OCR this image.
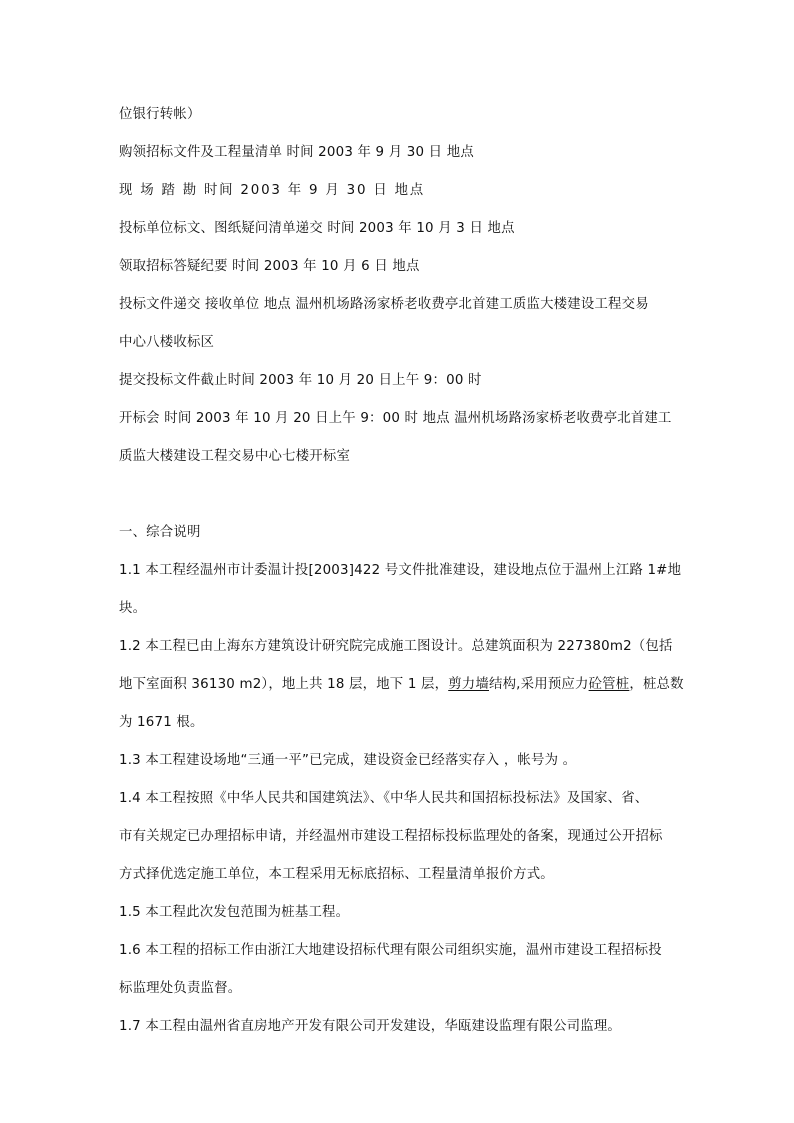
位银行转帐）
购领招标文件及工程量清单 时间 2003 年 9 月 30 日 地点
现 场 踏 勘 时间 2003 年 9 月 30 日 地点
投标单位标文、图纸疑问清单递交 时间 2003 年 10 月 3 日 地点
领取招标答疑纪要 时间 2003 年 10 月 6 日 地点
投标文件递交 接收单位 地点 温州机场路汤家桥老收费亭北首建工质监大楼建设工程交易
中心八楼收标区
提交投标文件截止时间 2003 年 10 月 20 日上午 9：00 时
开标会 时间 2003 年 10 月 20 日上午 9：00 时 地点 温州机场路汤家桥老收费亭北首建工
质监大楼建设工程交易中心七楼开标室
一、综合说明
1.1 本工程经温州市计委温计投[2003]422 号文件批准建设，建设地点位于温州上江路 1#地
块。
1.2 本工程已由上海东方建筑设计研究院完成施工图设计。总建筑面积为 227380m2（包括
地下室面积 36130 m2），地上共 18 层，地下 1 层，剪力墙结构,采用预应力砼管桩，桩总数
为 1671 根。
1.3 本工程建设场地“三通一平”已完成，建设资金已经落实存入 ，帐号为 。
1.4 本工程按照《中华人民共和国建筑法》、《中华人民共和国招标投标法》及国家、省、
市有关规定已办理招标申请，并经温州市建设工程招标投标监理处的备案，现通过公开招标
方式择优选定施工单位，本工程采用无标底招标、工程量清单报价方式。
1.5 本工程此次发包范围为桩基工程。
1.6 本工程的招标工作由浙江大地建设招标代理有限公司组织实施，温州市建设工程招标投
标监理处负责监督。
1.7 本工程由温州省直房地产开发有限公司开发建设，华瓯建设监理有限公司监理。
